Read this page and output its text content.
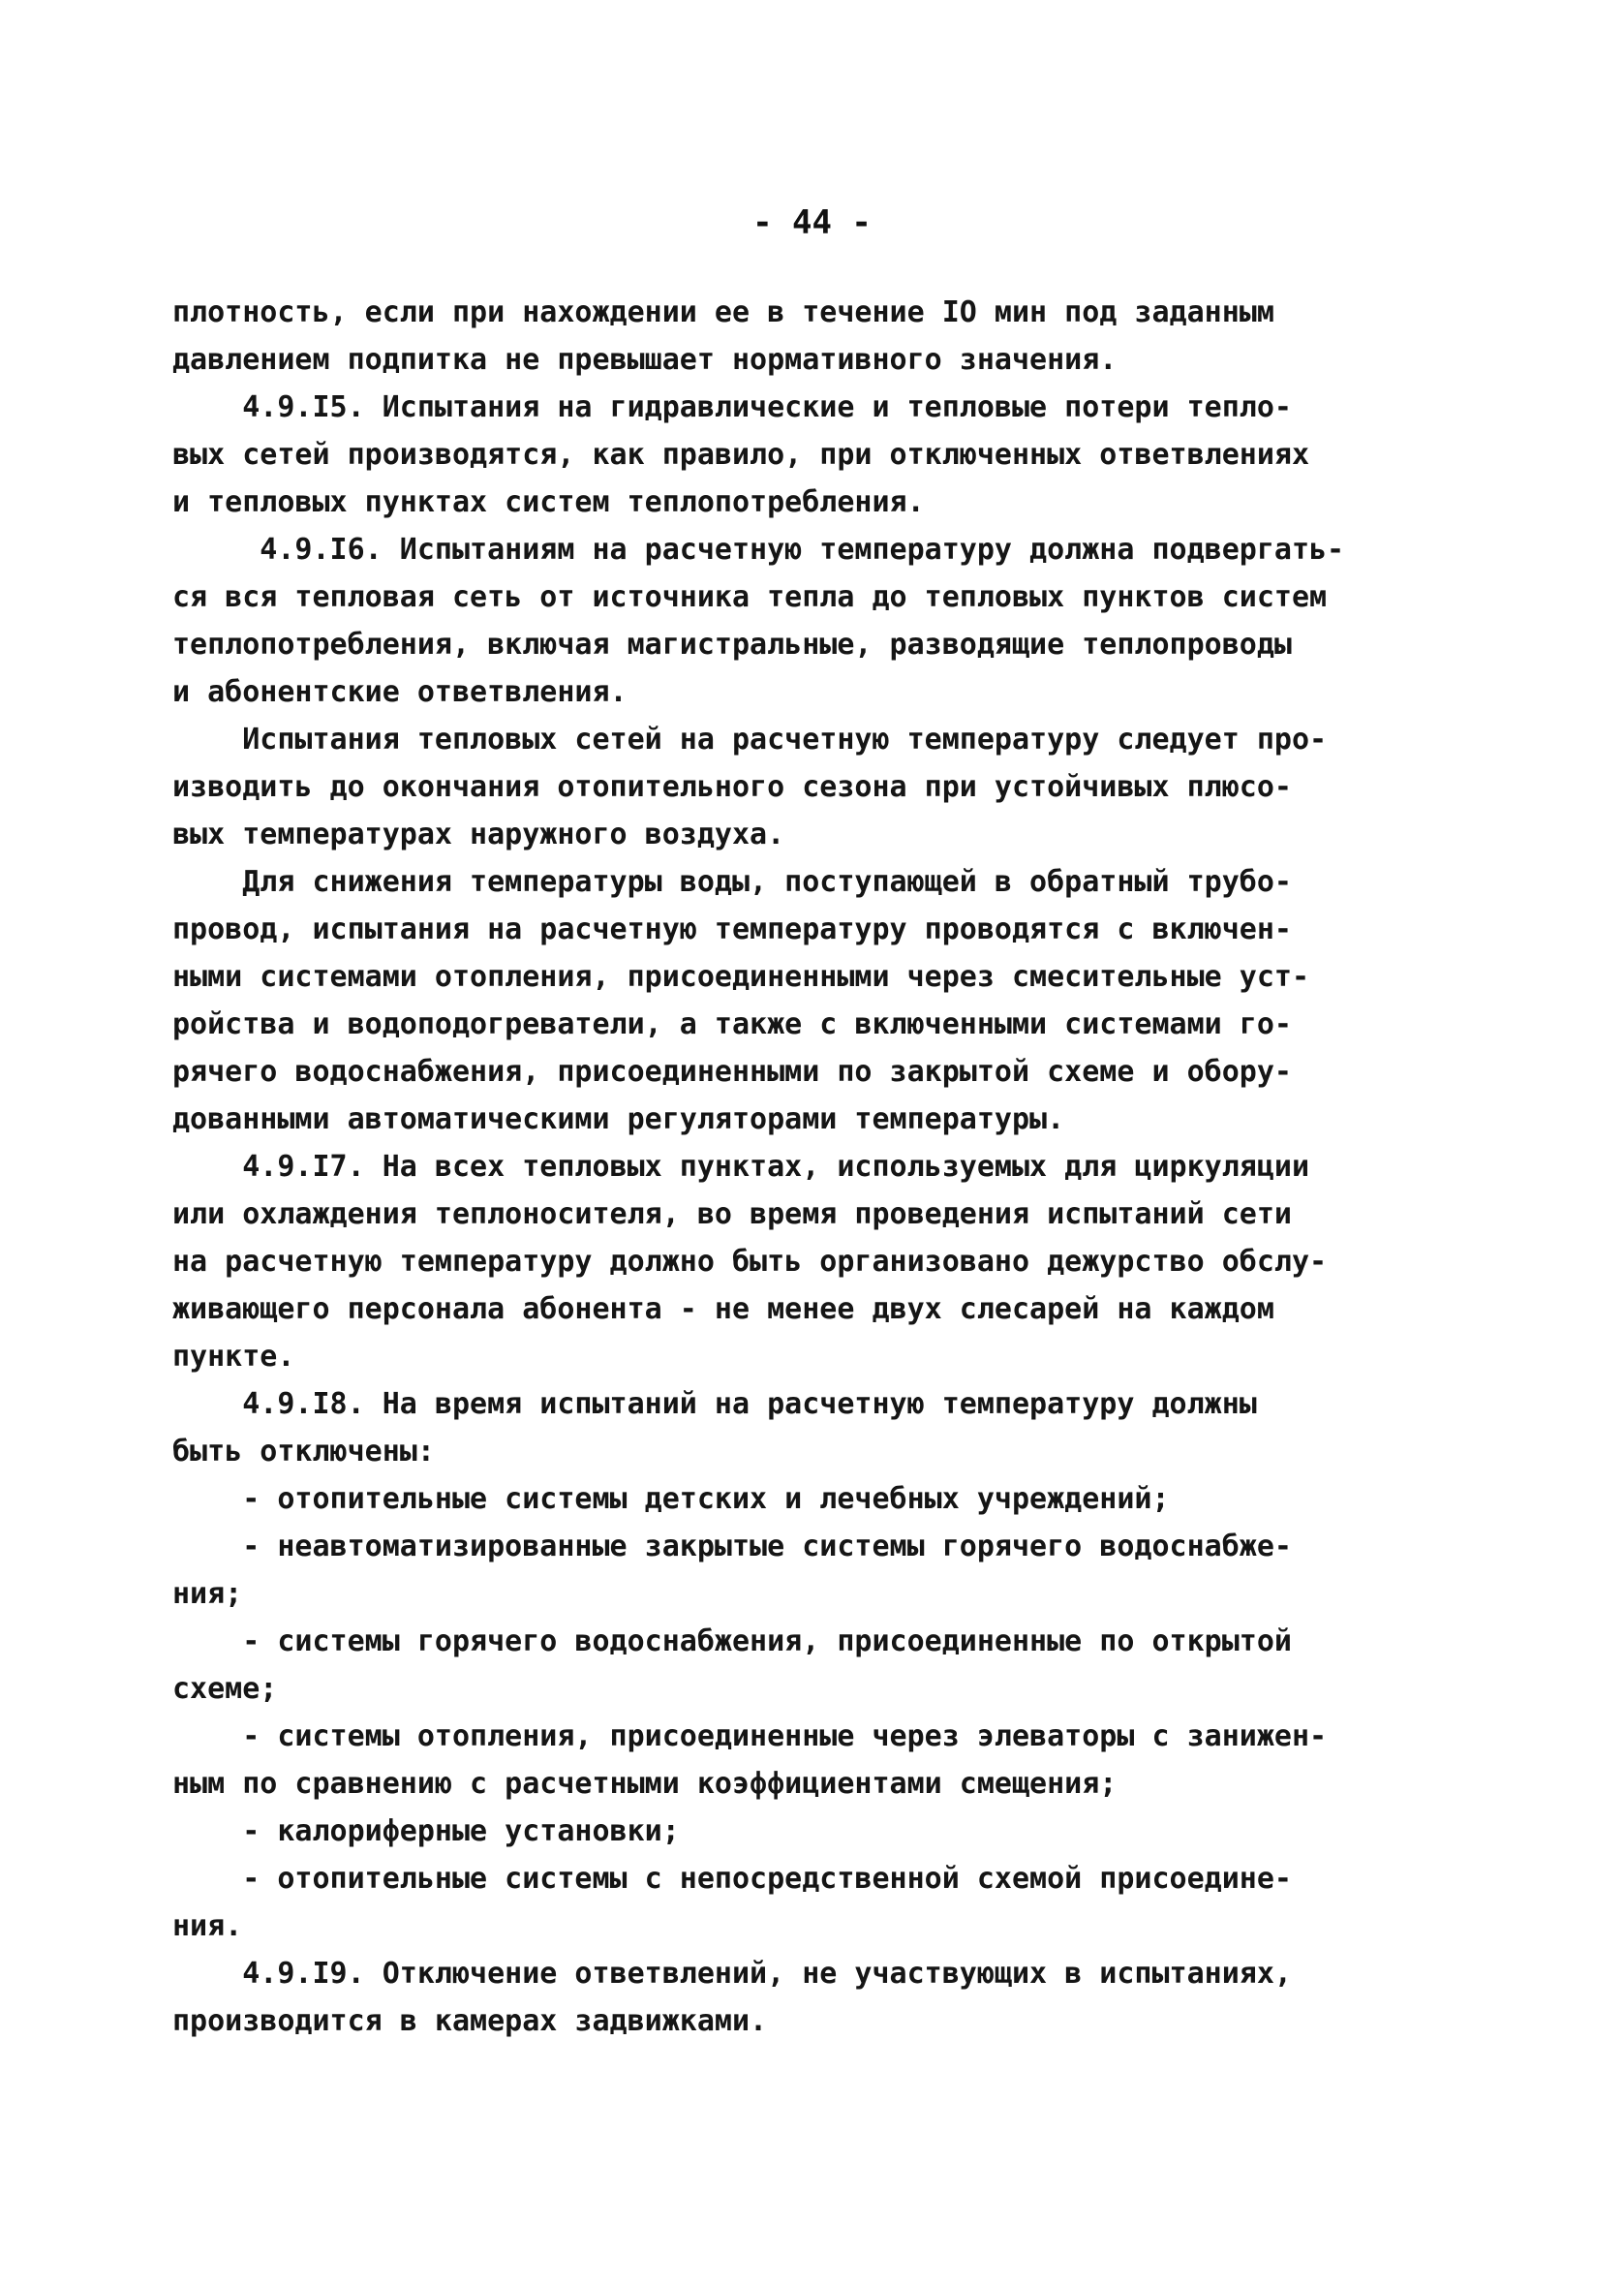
- 44 -
плотность, если при нахождении ее в течение IO мин под заданным
давлением подпитка не превышает нормативного значения.
4.9.I5. Испытания на гидравлические и тепловые потери тепло-
вых сетей производятся, как правило, при отключенных ответвлениях
и тепловых пунктах систем теплопотребления.
4.9.I6. Испытаниям на расчетную температуру должна подвергать-
ся вся тепловая сеть от источника тепла до тепловых пунктов систем
теплопотребления, включая магистральные, разводящие теплопроводы
и абонентские ответвления.
Испытания тепловых сетей на расчетную температуру следует про-
изводить до окончания отопительного сезона при устойчивых плюсо-
вых температурах наружного воздуха.
Для снижения температуры воды, поступающей в обратный трубо-
провод, испытания на расчетную температуру проводятся с включен-
ными системами отопления, присоединенными через смесительные уст-
ройства и водоподогреватели, а также с включенными системами го-
рячего водоснабжения, присоединенными по закрытой схеме и обору-
дованными автоматическими регуляторами температуры.
4.9.I7. На всех тепловых пунктах, используемых для циркуляции
или охлаждения теплоносителя, во время проведения испытаний сети
на расчетную температуру должно быть организовано дежурство обслу-
живающего персонала абонента - не менее двух слесарей на каждом
пункте.
4.9.I8. На время испытаний на расчетную температуру должны
быть отключены:
- отопительные системы детских и лечебных учреждений;
- неавтоматизированные закрытые системы горячего водоснабже-
ния;
- системы горячего водоснабжения, присоединенные по открытой
схеме;
- системы отопления, присоединенные через элеваторы с занижен-
ным по сравнению с расчетными коэффициентами смещения;
- калориферные установки;
- отопительные системы с непосредственной схемой присоедине-
ния.
4.9.I9. Отключение ответвлений, не участвующих в испытаниях,
производится в камерах задвижками.
